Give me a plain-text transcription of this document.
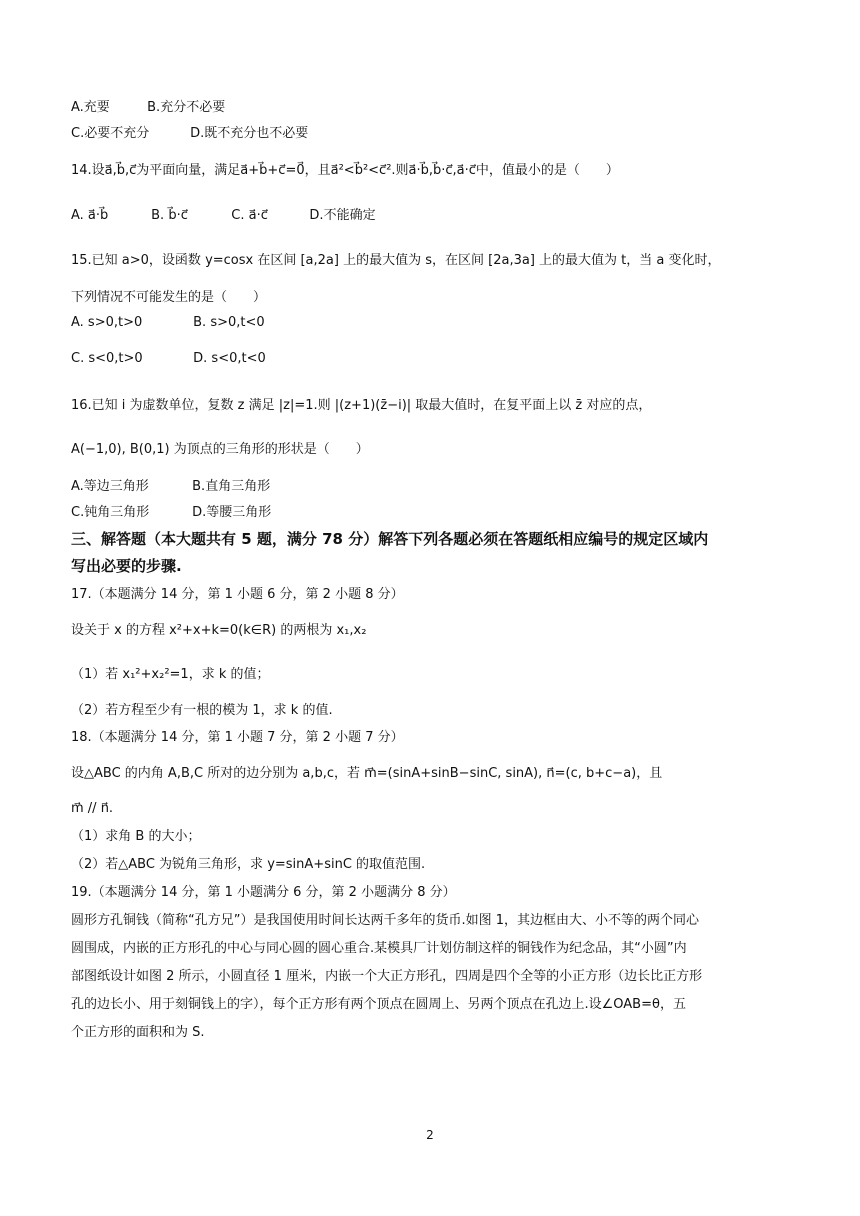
A.充要	B.充分不必要
C.必要不充分	D.既不充分也不必要
14.设a⃗,b⃗,c⃗为平面向量，满足a⃗+b⃗+c⃗=0⃗，且a⃗²<b⃗²<c⃗².则a⃗·b⃗,b⃗·c⃗,a⃗·c⃗中，值最小的是（　　）
A. a⃗·b⃗	B. b⃗·c⃗	C. a⃗·c⃗	D.不能确定
15.已知 a>0，设函数 y=cosx 在区间 [a,2a] 上的最大值为 s，在区间 [2a,3a] 上的最大值为 t，当 a 变化时，
下列情况不可能发生的是（　　）
A. s>0,t>0	B. s>0,t<0
C. s<0,t>0	D. s<0,t<0
16.已知 i 为虚数单位，复数 z 满足 |z|=1.则 |(z+1)(z̄−i)| 取最大值时，在复平面上以 z̄ 对应的点，
A(−1,0), B(0,1) 为顶点的三角形的形状是（　　）
A.等边三角形	B.直角三角形
C.钝角三角形	D.等腰三角形
三、解答题（本大题共有 5 题，满分 78 分）解答下列各题必须在答题纸相应编号的规定区域内
写出必要的步骤.
17.（本题满分 14 分，第 1 小题 6 分，第 2 小题 8 分）
设关于 x 的方程 x²+x+k=0(k∈R) 的两根为 x₁,x₂
（1）若 x₁²+x₂²=1，求 k 的值；
（2）若方程至少有一根的模为 1，求 k 的值.
18.（本题满分 14 分，第 1 小题 7 分，第 2 小题 7 分）
设△ABC 的内角 A,B,C 所对的边分别为 a,b,c，若 m⃗=(sinA+sinB−sinC, sinA), n⃗=(c, b+c−a)，且
m⃗ // n⃗.
（1）求角 B 的大小；
（2）若△ABC 为锐角三角形，求 y=sinA+sinC 的取值范围.
19.（本题满分 14 分，第 1 小题满分 6 分，第 2 小题满分 8 分）
圆形方孔铜钱（简称“孔方兄”）是我国使用时间长达两千多年的货币.如图 1，其边框由大、小不等的两个同心
圆围成，内嵌的正方形孔的中心与同心圆的圆心重合.某模具厂计划仿制这样的铜钱作为纪念品，其“小圆”内
部图纸设计如图 2 所示，小圆直径 1 厘米，内嵌一个大正方形孔，四周是四个全等的小正方形（边长比正方形
孔的边长小、用于刻铜钱上的字），每个正方形有两个顶点在圆周上、另两个顶点在孔边上.设∠OAB=θ，五
个正方形的面积和为 S.
2
